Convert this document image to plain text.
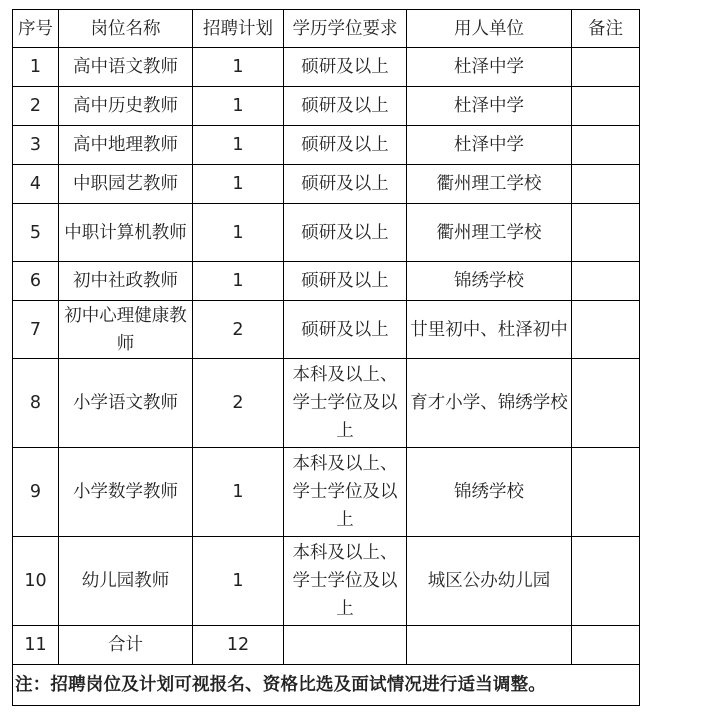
序号	岗位名称	招聘计划	学历学位要求	用人单位	备注
1	高中语文教师	1	硕研及以上	杜泽中学	
2	高中历史教师	1	硕研及以上	杜泽中学	
3	高中地理教师	1	硕研及以上	杜泽中学	
4	中职园艺教师	1	硕研及以上	衢州理工学校	
5	中职计算机教师	1	硕研及以上	衢州理工学校	
6	初中社政教师	1	硕研及以上	锦绣学校	
7	初中心理健康教师	2	硕研及以上	廿里初中、杜泽初中	
8	小学语文教师	2	本科及以上、学士学位及以上	育才小学、锦绣学校	
9	小学数学教师	1	本科及以上、学士学位及以上	锦绣学校	
10	幼儿园教师	1	本科及以上、学士学位及以上	城区公办幼儿园	
11	合计	12			
注：招聘岗位及计划可视报名、资格比选及面试情况进行适当调整。					
